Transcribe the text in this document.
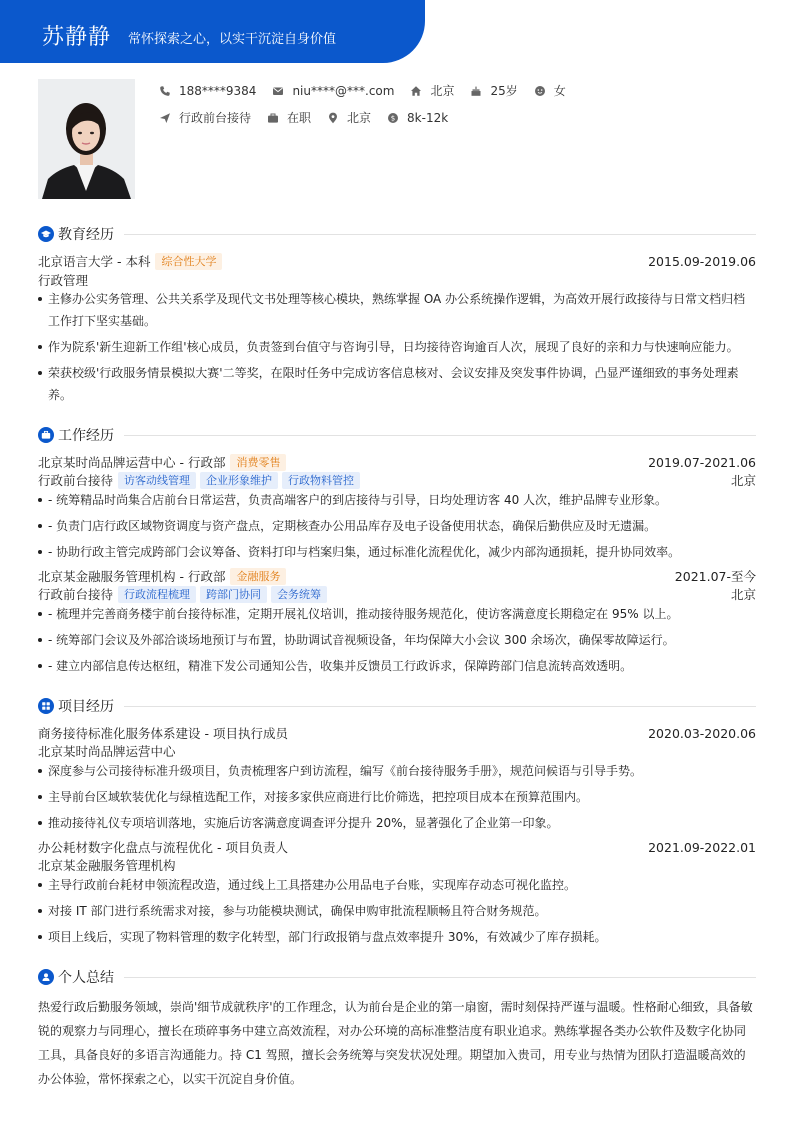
苏静静 常怀探索之心，以实干沉淀自身价值
188****9384	niu****@***.com	北京	25岁	女
行政前台接待	在职	北京	$ 8k-12k
教育经历
北京语言大学 - 本科	综合性大学	2015.09-2019.06
行政管理
主修办公实务管理、公共关系学及现代文书处理等核心模块，熟练掌握 OA 办公系统操作逻辑，为高效开展行政接待与日常文档归档工作打下坚实基础。
作为院系'新生迎新工作组'核心成员，负责签到台值守与咨询引导，日均接待咨询逾百人次，展现了良好的亲和力与快速响应能力。
荣获校级'行政服务情景模拟大赛'二等奖，在限时任务中完成访客信息核对、会议安排及突发事件协调，凸显严谨细致的事务处理素养。
工作经历
北京某时尚品牌运营中心 - 行政部	消费零售	2019.07-2021.06
行政前台接待	访客动线管理	企业形象维护	行政物料管控	北京
- 统筹精品时尚集合店前台日常运营，负责高端客户的到店接待与引导，日均处理访客 40 人次，维护品牌专业形象。
- 负责门店行政区域物资调度与资产盘点，定期核查办公用品库存及电子设备使用状态，确保后勤供应及时无遗漏。
- 协助行政主管完成跨部门会议筹备、资料打印与档案归集，通过标准化流程优化，减少内部沟通损耗，提升协同效率。
北京某金融服务管理机构 - 行政部	金融服务	2021.07-至今
行政前台接待	行政流程梳理	跨部门协同	会务统筹	北京
- 梳理并完善商务楼宇前台接待标准，定期开展礼仪培训，推动接待服务规范化，使访客满意度长期稳定在 95% 以上。
- 统筹部门会议及外部洽谈场地预订与布置，协助调试音视频设备，年均保障大小会议 300 余场次，确保零故障运行。
- 建立内部信息传达枢纽，精准下发公司通知公告，收集并反馈员工行政诉求，保障跨部门信息流转高效透明。
项目经历
商务接待标准化服务体系建设 - 项目执行成员	2020.03-2020.06
北京某时尚品牌运营中心
深度参与公司接待标准升级项目，负责梳理客户到访流程，编写《前台接待服务手册》，规范问候语与引导手势。
主导前台区域软装优化与绿植选配工作，对接多家供应商进行比价筛选，把控项目成本在预算范围内。
推动接待礼仪专项培训落地，实施后访客满意度调查评分提升 20%，显著强化了企业第一印象。
办公耗材数字化盘点与流程优化 - 项目负责人	2021.09-2022.01
北京某金融服务管理机构
主导行政前台耗材申领流程改造，通过线上工具搭建办公用品电子台账，实现库存动态可视化监控。
对接 IT 部门进行系统需求对接，参与功能模块测试，确保申购审批流程顺畅且符合财务规范。
项目上线后，实现了物料管理的数字化转型，部门行政报销与盘点效率提升 30%，有效减少了库存损耗。
个人总结
热爱行政后勤服务领域，崇尚'细节成就秩序'的工作理念，认为前台是企业的第一扇窗，需时刻保持严谨与温暖。性格耐心细致，具备敏锐的观察力与同理心，擅长在琐碎事务中建立高效流程，对办公环境的高标准整洁度有职业追求。熟练掌握各类办公软件及数字化协同工具，具备良好的多语言沟通能力。持 C1 驾照，擅长会务统筹与突发状况处理。期望加入贵司，用专业与热情为团队打造温暖高效的办公体验，常怀探索之心，以实干沉淀自身价值。
